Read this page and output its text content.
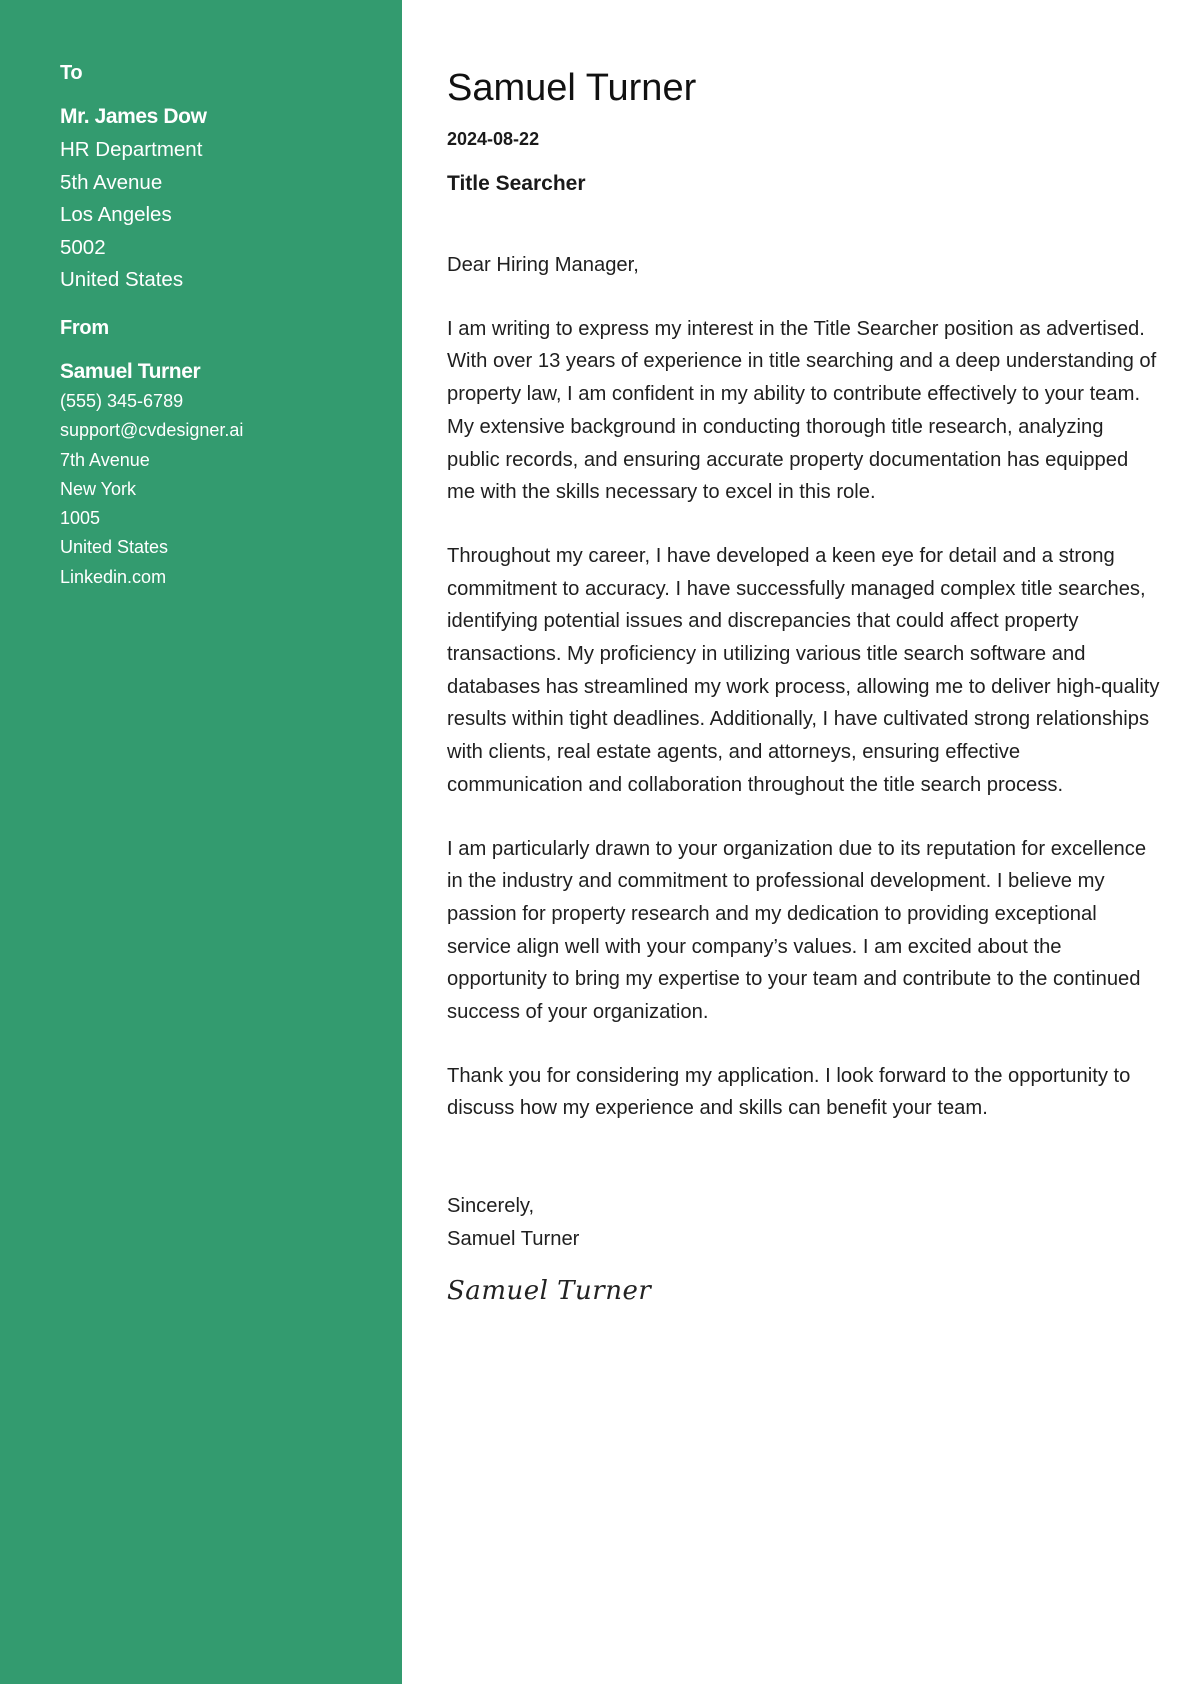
To
Mr. James Dow
HR Department
5th Avenue
Los Angeles
5002
United States
From
Samuel Turner
(555) 345-6789
support@cvdesigner.ai
7th Avenue
New York
1005
United States
Linkedin.com
Samuel Turner
2024-08-22
Title Searcher
Dear Hiring Manager,
I am writing to express my interest in the Title Searcher position as advertised. With over 13 years of experience in title searching and a deep understanding of property law, I am confident in my ability to contribute effectively to your team. My extensive background in conducting thorough title research, analyzing public records, and ensuring accurate property documentation has equipped me with the skills necessary to excel in this role.
Throughout my career, I have developed a keen eye for detail and a strong commitment to accuracy. I have successfully managed complex title searches, identifying potential issues and discrepancies that could affect property transactions. My proficiency in utilizing various title search software and databases has streamlined my work process, allowing me to deliver high-quality results within tight deadlines. Additionally, I have cultivated strong relationships with clients, real estate agents, and attorneys, ensuring effective communication and collaboration throughout the title search process.
I am particularly drawn to your organization due to its reputation for excellence in the industry and commitment to professional development. I believe my passion for property research and my dedication to providing exceptional service align well with your company’s values. I am excited about the opportunity to bring my expertise to your team and contribute to the continued success of your organization.
Thank you for considering my application. I look forward to the opportunity to discuss how my experience and skills can benefit your team.
Sincerely,
Samuel Turner
Samuel Turner
